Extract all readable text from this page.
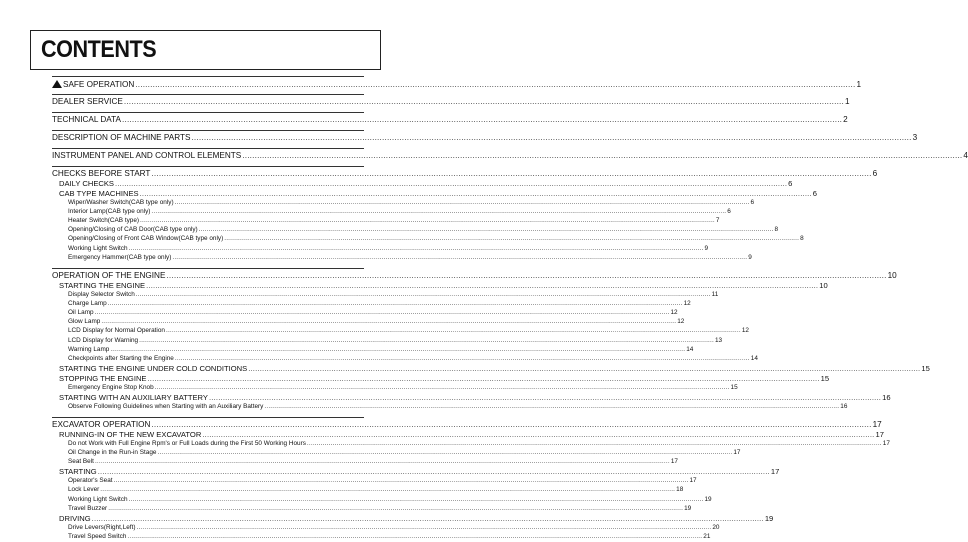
CONTENTS
SAFE OPERATION .....	1
DEALER SERVICE .....	1
TECHNICAL DATA .....	2
DESCRIPTION OF MACHINE PARTS .....	3
INSTRUMENT PANEL AND CONTROL ELEMENTS .....	4
CHECKS BEFORE START .....	6
DAILY CHECKS .....	6
CAB TYPE MACHINES .....	6
Wiper/Washer Switch(CAB type only) .....	6
Interior Lamp(CAB type only) .....	6
Heater Switch(CAB type) .....	7
Opening/Closing of CAB Door(CAB type only) .....	8
Opening/Closing of Front CAB Window(CAB type only) .....	8
Working Light Switch .....	9
Emergency Hammer(CAB type only) .....	9
OPERATION OF THE ENGINE .....	10
STARTING THE ENGINE .....	10
Display Selector Switch .....	11
Charge Lamp .....	12
Oil Lamp .....	12
Glow Lamp .....	12
LCD Display for Normal Operation .....	12
LCD Display for Warning .....	13
Warning Lamp .....	14
Checkpoints after Starting the Engine .....	14
STARTING THE ENGINE UNDER COLD CONDITIONS .....	15
STOPPING THE ENGINE .....	15
Emergency Engine Stop Knob .....	15
STARTING WITH AN AUXILIARY BATTERY .....	16
Observe Following Guidelines when Starting with an Auxiliary Battery .....	16
EXCAVATOR OPERATION .....	17
RUNNING-IN OF THE NEW EXCAVATOR .....	17
Do not Work with Full Engine Rpm's or Full Loads during the First 50 Working Hours .....	17
Oil Change in the Run-in Stage .....	17
Seat Belt .....	17
STARTING .....	17
Operator's Seat .....	17
Lock Lever .....	18
Working Light Switch .....	19
Travel Buzzer .....	19
DRIVING .....	19
Drive Levers(Right,Left) .....	20
Travel Speed Switch .....	21
